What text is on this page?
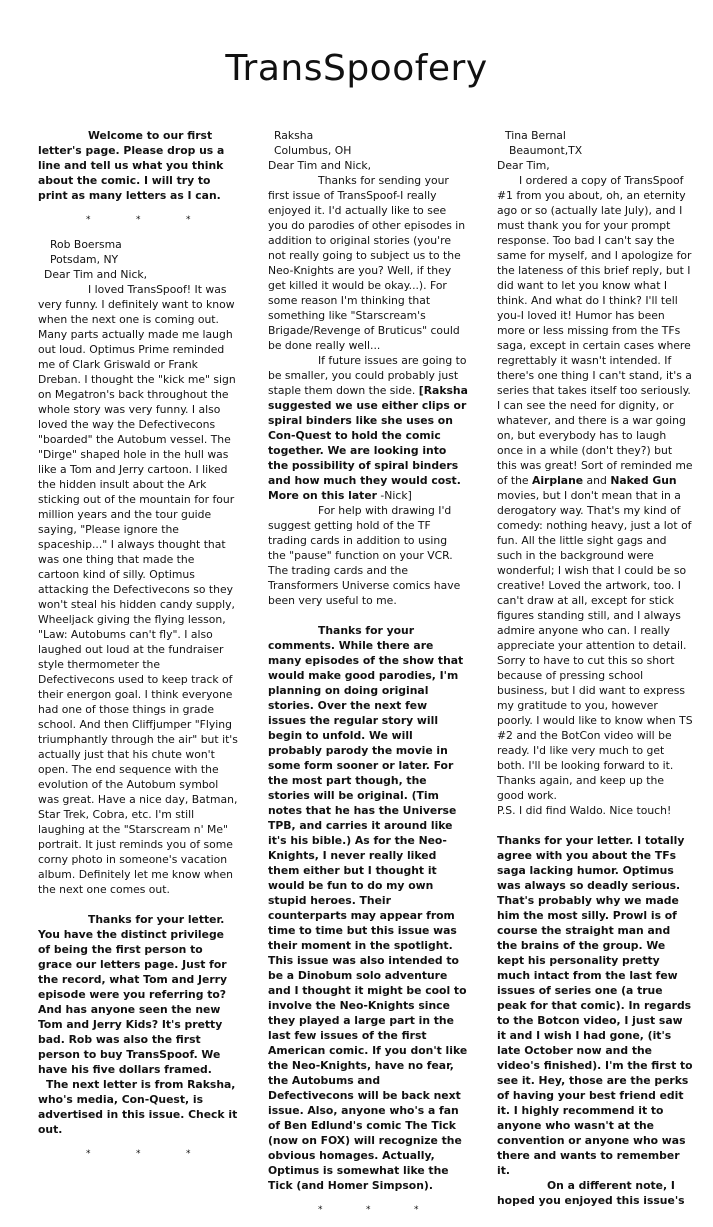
TransSpoofery

Welcome to our first letter's page. Please drop us a line and tell us what you think about the comic. I will try to print as many letters as I can.

*	*	*

Rob Boersma

Potsdam, NY

Dear Tim and Nick,

I loved TransSpoof! It was very funny. I definitely want to know when the next one is coming out. Many parts actually made me laugh out loud. Optimus Prime reminded me of Clark Griswald or Frank Dreban. I thought the "kick me" sign on Megatron's back throughout the whole story was very funny. I also loved the way the Defectivecons "boarded" the Autobum vessel. The "Dirge" shaped hole in the hull was like a Tom and Jerry cartoon. I liked the hidden insult about the Ark sticking out of the mountain for four million years and the tour guide saying, "Please ignore the spaceship..." I always thought that was one thing that made the cartoon kind of silly. Optimus attacking the Defectivecons so they won't steal his hidden candy supply, Wheeljack giving the flying lesson, "Law: Autobums can't fly". I also laughed out loud at the fundraiser style thermometer the Defectivecons used to keep track of their energon goal. I think everyone had one of those things in grade school. And then Cliffjumper "Flying triumphantly through the air" but it's actually just that his chute won't open. The end sequence with the evolution of the Autobum symbol was great. Have a nice day, Batman, Star Trek, Cobra, etc. I'm still laughing at the "Starscream n' Me" portrait. It just reminds you of some corny photo in someone's vacation album. Definitely let me know when the next one comes out.

Thanks for your letter. You have the distinct privilege of being the first person to grace our letters page. Just for the record, what Tom and Jerry episode were you referring to? And has anyone seen the new Tom and Jerry Kids? It's pretty bad. Rob was also the first person to buy TransSpoof. We have his five dollars framed.

The next letter is from Raksha, who's media, Con-Quest, is advertised in this issue. Check it out.

*	*	*

Raksha

Columbus, OH

Dear Tim and Nick,

Thanks for sending your first issue of TransSpoof-I really enjoyed it. I'd actually like to see you do parodies of other episodes in addition to original stories (you're not really going to subject us to the Neo-Knights are you? Well, if they get killed it would be okay...). For some reason I'm thinking that something like "Starscream's Brigade/Revenge of Bruticus" could be done really well...

If future issues are going to be smaller, you could probably just staple them down the side. [Raksha suggested we use either clips or spiral binders like she uses on Con-Quest to hold the comic together. We are looking into the possibility of spiral binders and how much they would cost. More on this later -Nick]

For help with drawing I'd suggest getting hold of the TF trading cards in addition to using the "pause" function on your VCR. The trading cards and the Transformers Universe comics have been very useful to me.

Thanks for your comments. While there are many episodes of the show that would make good parodies, I'm planning on doing original stories. Over the next few issues the regular story will begin to unfold. We will probably parody the movie in some form sooner or later. For the most part though, the stories will be original. (Tim notes that he has the Universe TPB, and carries it around like it's his bible.) As for the Neo-Knights, I never really liked them either but I thought it would be fun to do my own stupid heroes. Their counterparts may appear from time to time but this issue was their moment in the spotlight. This issue was also intended to be a Dinobum solo adventure and I thought it might be cool to involve the Neo-Knights since they played a large part in the last few issues of the first American comic. If you don't like the Neo-Knights, have no fear, the Autobums and Defectivecons will be back next issue. Also, anyone who's a fan of Ben Edlund's comic The Tick (now on FOX) will recognize the obvious homages. Actually, Optimus is somewhat like the Tick (and Homer Simpson).

*	*	*

Tina Bernal

Beaumont,TX

Dear Tim,

I ordered a copy of TransSpoof #1 from you about, oh, an eternity ago or so (actually late July), and I must thank you for your prompt response. Too bad I can't say the same for myself, and I apologize for the lateness of this brief reply, but I did want to let you know what I think. And what do I think? I'll tell you-I loved it! Humor has been more or less missing from the TFs saga, except in certain cases where regrettably it wasn't intended. If there's one thing I can't stand, it's a series that takes itself too seriously. I can see the need for dignity, or whatever, and there is a war going on, but everybody has to laugh once in a while (don't they?) but this was great! Sort of reminded me of the Airplane and Naked Gun movies, but I don't mean that in a derogatory way. That's my kind of comedy: nothing heavy, just a lot of fun. All the little sight gags and such in the background were wonderful; I wish that I could be so creative! Loved the artwork, too. I can't draw at all, except for stick figures standing still, and I always admire anyone who can. I really appreciate your attention to detail. Sorry to have to cut this so short because of pressing school business, but I did want to express my gratitude to you, however poorly. I would like to know when TS #2 and the BotCon video will be ready. I'd like very much to get both. I'll be looking forward to it. Thanks again, and keep up the good work.

P.S. I did find Waldo. Nice touch!

Thanks for your letter. I totally agree with you about the TFs saga lacking humor. Optimus was always so deadly serious. That's probably why we made him the most silly. Prowl is of course the straight man and the brains of the group. We kept his personality pretty much intact from the last few issues of series one (a true peak for that comic). In regards to the Botcon video, I just saw it and I wish I had gone, (it's late October now and the video's finished). I'm the first to see it. Hey, those are the perks of having your best friend edit it. I highly recommend it to anyone who wasn't at the convention or anyone who was there and wants to remember it.

On a different note, I hoped you enjoyed this issue's
